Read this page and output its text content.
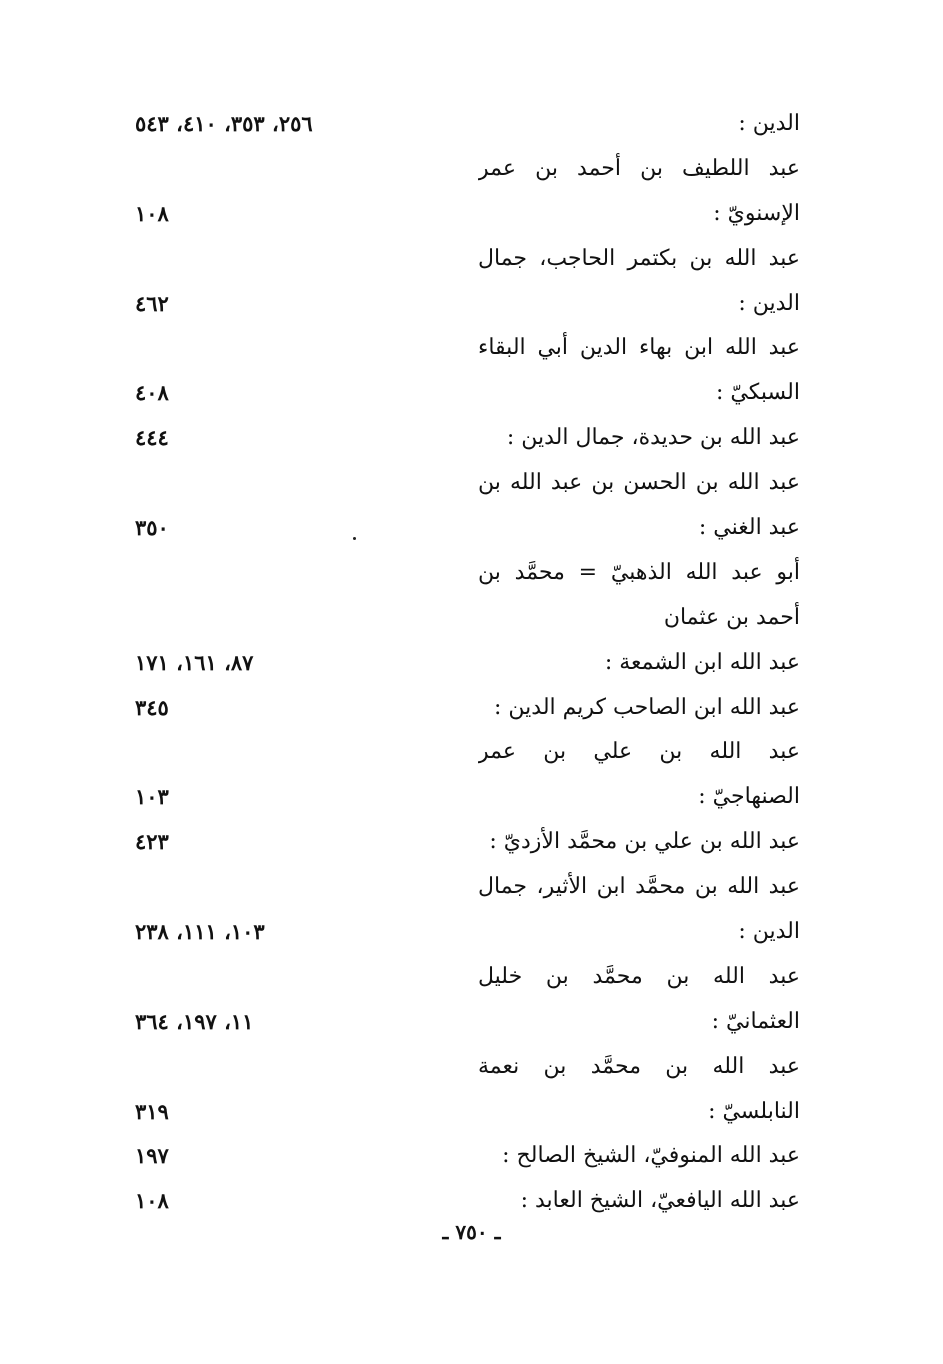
الدين :
٢٥٦، ٣٥٣، ٤١٠، ٥٤٣
عبد اللطيف بن أحمد بن عمر
الإسنويّ :
١٠٨
عبد الله بن بكتمر الحاجب، جمال
الدين :
٤٦٢
عبد الله ابن بهاء الدين أبي البقاء
السبكيّ :
٤٠٨
عبد الله بن حديدة، جمال الدين :
٤٤٤
عبد الله بن الحسن بن عبد الله بن
عبد الغني :
٣٥٠
أبو عبد الله الذهبيّ = محمَّد بن
أحمد بن عثمان
عبد الله ابن الشمعة :
٨٧، ١٦١، ١٧١
عبد الله ابن الصاحب كريم الدين :
٣٤٥
عبد الله بن علي بن عمر
الصنهاجيّ :
١٠٣
عبد الله بن علي بن محمَّد الأزديّ :
٤٢٣
عبد الله بن محمَّد ابن الأثير، جمال
الدين :
١٠٣، ١١١، ٢٣٨
عبد الله بن محمَّد بن خليل
العثمانيّ :
١١، ١٩٧، ٣٦٤
عبد الله بن محمَّد بن نعمة
النابلسيّ :
٣١٩
عبد الله المنوفيّ، الشيخ الصالح :
١٩٧
عبد الله اليافعيّ، الشيخ العابد :
١٠٨
ـ ٧٥٠ ـ
